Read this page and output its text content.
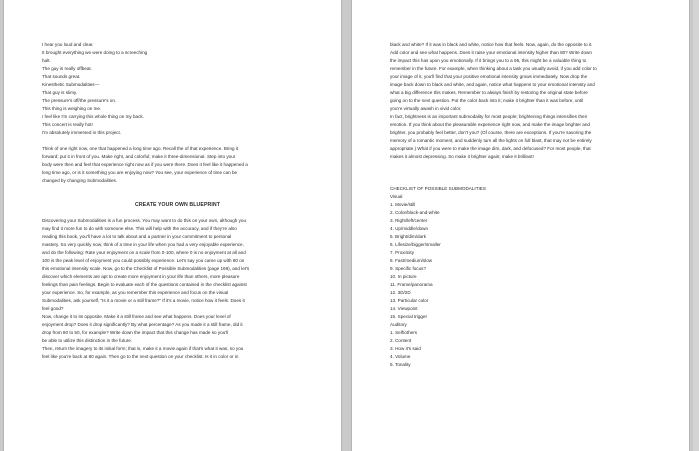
I hear you loud and clear.

It brought everything we were doing to a screeching

halt.

The guy is really offbeat.

That sounds great.

Kinesthetic Submodalities—

That guy is slimy.

The pressure's off/the pressure's on.

This thing is weighing on me.

I feel like I'm carrying this whole thing on my back.

This concert is really hot!

I'm absolutely immersed in this project.

Think of one right now, one that happened a long time ago. Recall the of that experience. Bring it

forward; put it in front of you. Make right, and colorful; make it three-dimensional. Step into your

body were then and feel that experience right now as if you were there. Does it feel like it happened a

long time ago, or is it something you are enjoying now? You see, your experience of time can be

changed by changing Submodalities.

CREATE YOUR OWN BLUEPRINT

Discovering your Submodalities is a fun process. You may want to do this on your own, although you

may find it more fun to do with someone else. This will help with the accuracy, and if they're also

reading this book, you'll have a lot to talk about and a partner in your commitment to personal

mastery. So very quickly now, think of a time in your life when you had a very enjoyable experience,

and do the following: Rate your enjoyment on a scale from 0-100, where 0 is no enjoyment at all and

100 is the peak level of enjoyment you could possibly experience. Let's say you came up with 80 on

this emotional intensity scale. Now, go to the Checklist of Possible Submodalities (page 169), and let's

discover which elements are apt to create more enjoyment in your life than others, more pleasure

feelings than pain feelings. Begin to evaluate each of the questions contained in the checklist against

your experience. So, for example, as you remember this experience and focus on the visual

Submodalities, ask yourself, "Is it a movie or a still frame?" If it's a movie, notice how it feels. Does it

feel good?

Now, change it to its opposite. Make it a still frame and see what happens. Does your level of

enjoyment drop? Does it drop significantly? By what percentage? As you made it a still frame, did it

drop from 80 to 50, for example? Write down the impact that this change has made so you'll

be able to utilize this distinction in the future.

Then, return the imagery to its initial form; that is, make it a movie again if that's what it was, so you

feel like you're back at 80 again. Then go to the next question on your checklist. Is it in color or in

black and white? If it was in black and white, notice how that feels. Now, again, do the opposite to it.

Add color and see what happens. Does it raise your emotional intensity higher than 80? Write down

the impact this has upon you emotionally. If it brings you to a 95, this might be a valuable thing to

remember in the future. For example, when thinking about a task you usually avoid, if you add color to

your image of it, you'll find that your positive emotional intensity grows immediately. Now drop the

image back down to black and white, and again, notice what happens to your emotional intensity and

what a big difference this makes. Remember to always finish by restoring the original state before

going on to the next question. Put the color back into it; make it brighter than it was before, until

you're virtually awash in vivid color.

In fact, brightness is an important submodality for most people; brightening things intensifies their

emotion. If you think about the pleasurable experience right now, and make the image brighter and

brighter, you probably feel better, don't you? (Of course, there are exceptions. If you're savoring the

memory of a romantic moment, and suddenly turn all the lights on full blast, that may not be entirely

appropriate.) What if you were to make the image dim, dark, and defocused? For most people, that

makes it almost depressing. So make it brighter again; make it brilliant!

CHECKLIST OF POSSIBLE SUBMODALITIES

Visual

1. Movie/still

2. Color/black-and-white

3. Right/left/center

4. Up/middle/down

5. Bright/dim/dark

6. Lifesize/bigger/smaller

7. Proximity

8. Fast/medium/slow

9. Specific focus?

10. In picture

11. Frame/panorama

12. 3D/2D

13. Particular color

14. Viewpoint

15. Special trigger

Auditory

1. Self/others

2. Content

3. How it's said

4. Volume

5. Tonality
